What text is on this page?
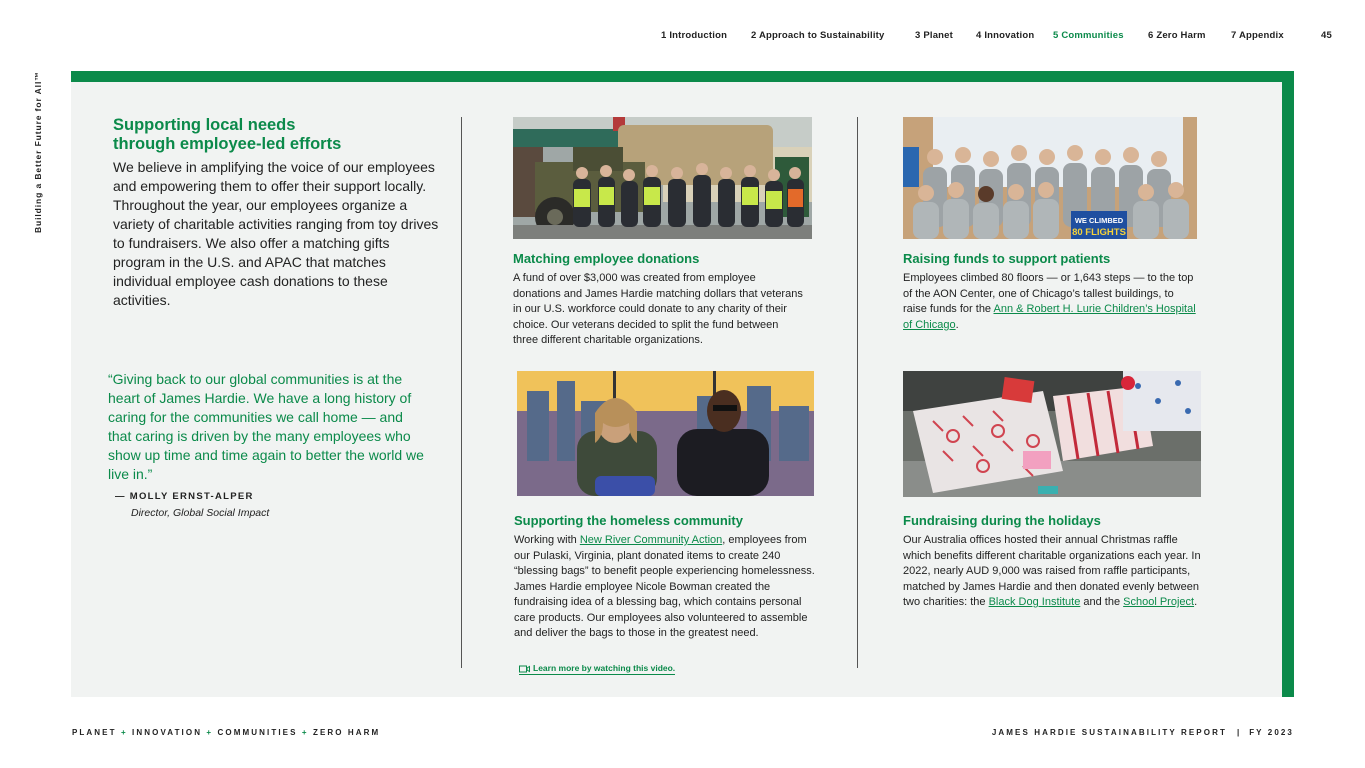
1 Introduction	2 Approach to Sustainability	3 Planet 4 Innovation 5 Communities	6 Zero Harm	7 Appendix	45
Building a Better Future for All™	Supporting local needs
through employee-led efforts

We believe in amplifying the voice of our employees and empowering them to offer their support locally. Throughout the year, our employees organize a variety of charitable activities ranging from toy drives to fundraisers. We also offer a matching gifts program in the U.S. and APAC that matches individual employee cash donations to these activities.

“Giving back to our global communities is at the heart of James Hardie. We have a long history of caring for the communities we call home — and that caring is driven by the many employees who show up time and time again to better the world we live in.”

— MOLLY ERNST-ALPER
Director, Global Social Impact
WE CLIMBED
80 FLIGHTS
Matching employee donations

A fund of over $3,000 was created from employee donations and James Hardie matching dollars that veterans in our U.S. workforce could donate to any charity of their choice. Our veterans decided to split the fund between three different charitable organizations.

Raising funds to support patients

Employees climbed 80 floors — or 1,643 steps — to the top of the AON Center, one of Chicago’s tallest buildings, to raise funds for the Ann & Robert H. Lurie Children’s Hospital of Chicago.

Supporting the homeless community

Working with New River Community Action, employees from our Pulaski, Virginia, plant donated items to create 240 “blessing bags” to benefit people experiencing homelessness. James Hardie employee Nicole Bowman created the fundraising idea of a blessing bag, which contains personal care products. Our employees also volunteered to assemble and deliver the bags to those in the greatest need.

Learn more by watching this video.
Fundraising during the holidays

Our Australia offices hosted their annual Christmas raffle which benefits different charitable organizations each year. In 2022, nearly AUD 9,000 was raised from raffle participants, matched by James Hardie and then donated evenly between two charities: the Black Dog Institute and the School Project.

PLANET + INNOVATION + COMMUNITIES + ZERO HARM	JAMES HARDIE SUSTAINABILITY REPORT | FY 2023
